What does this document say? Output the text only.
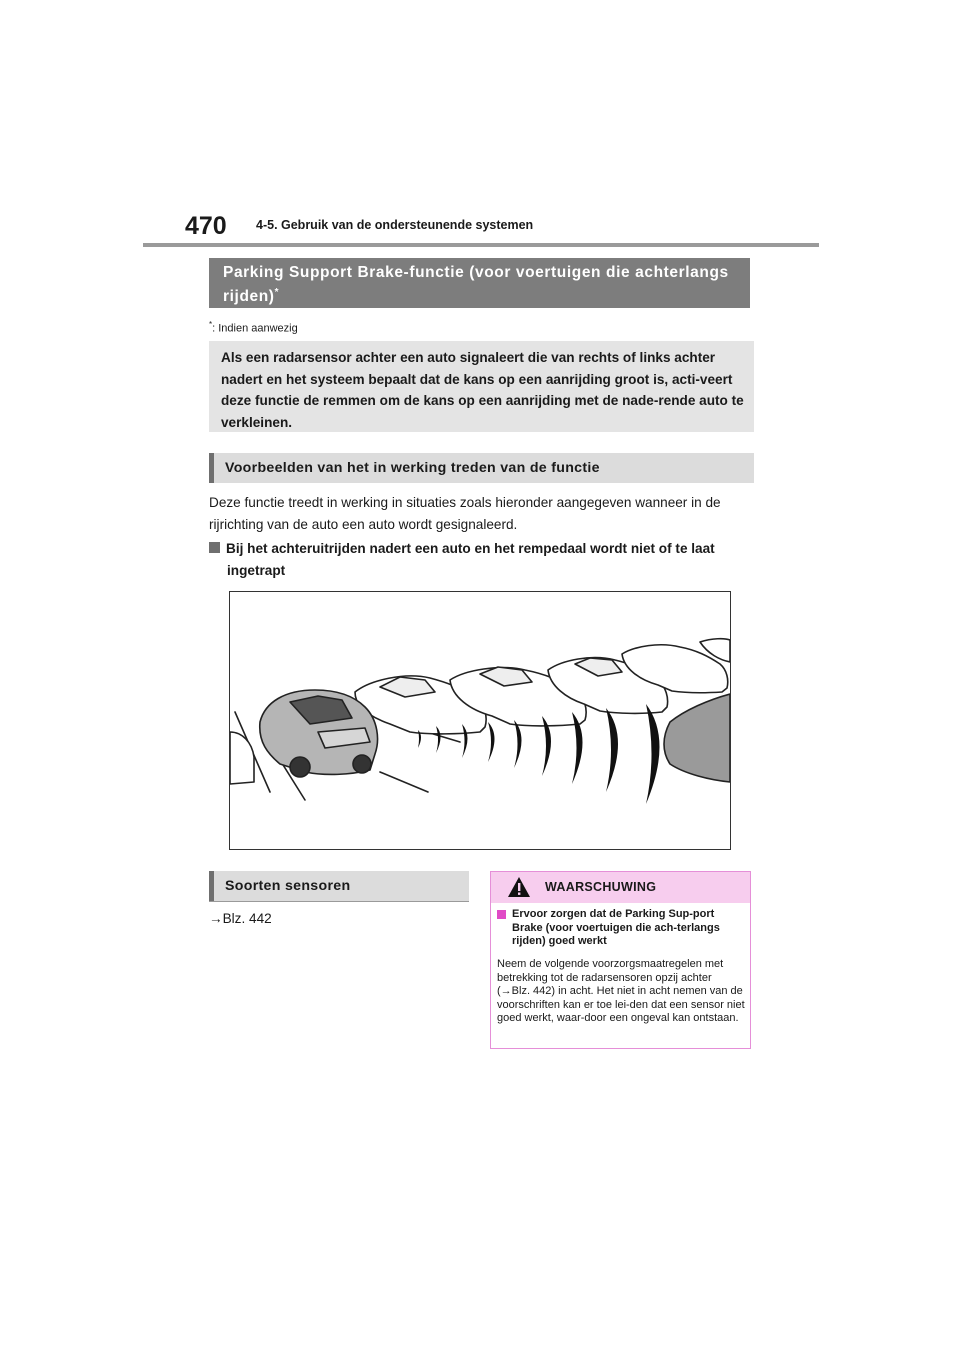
470 4-5. Gebruik van de ondersteunende systemen
Parking Support Brake-functie (voor voertuigen die achterlangs rijden)*
*: Indien aanwezig
Als een radarsensor achter een auto signaleert die van rechts of links achter nadert en het systeem bepaalt dat de kans op een aanrijding groot is, acti-veert deze functie de remmen om de kans op een aanrijding met de nade-rende auto te verkleinen.
Voorbeelden van het in werking treden van de functie
Deze functie treedt in werking in situaties zoals hieronder aangegeven wanneer in de rijrichting van de auto een auto wordt gesignaleerd.
Bij het achteruitrijden nadert een auto en het rempedaal wordt niet of te laat
ingetrapt
Soorten sensoren
→Blz. 442
WAARSCHUWING
Ervoor zorgen dat de Parking Sup-port Brake (voor voertuigen die ach-terlangs rijden) goed werkt
Neem de volgende voorzorgsmaatregelen met betrekking tot de radarsensoren opzij achter (→Blz. 442) in acht. Het niet in acht nemen van de voorschriften kan er toe lei-den dat een sensor niet goed werkt, waar-door een ongeval kan ontstaan.
